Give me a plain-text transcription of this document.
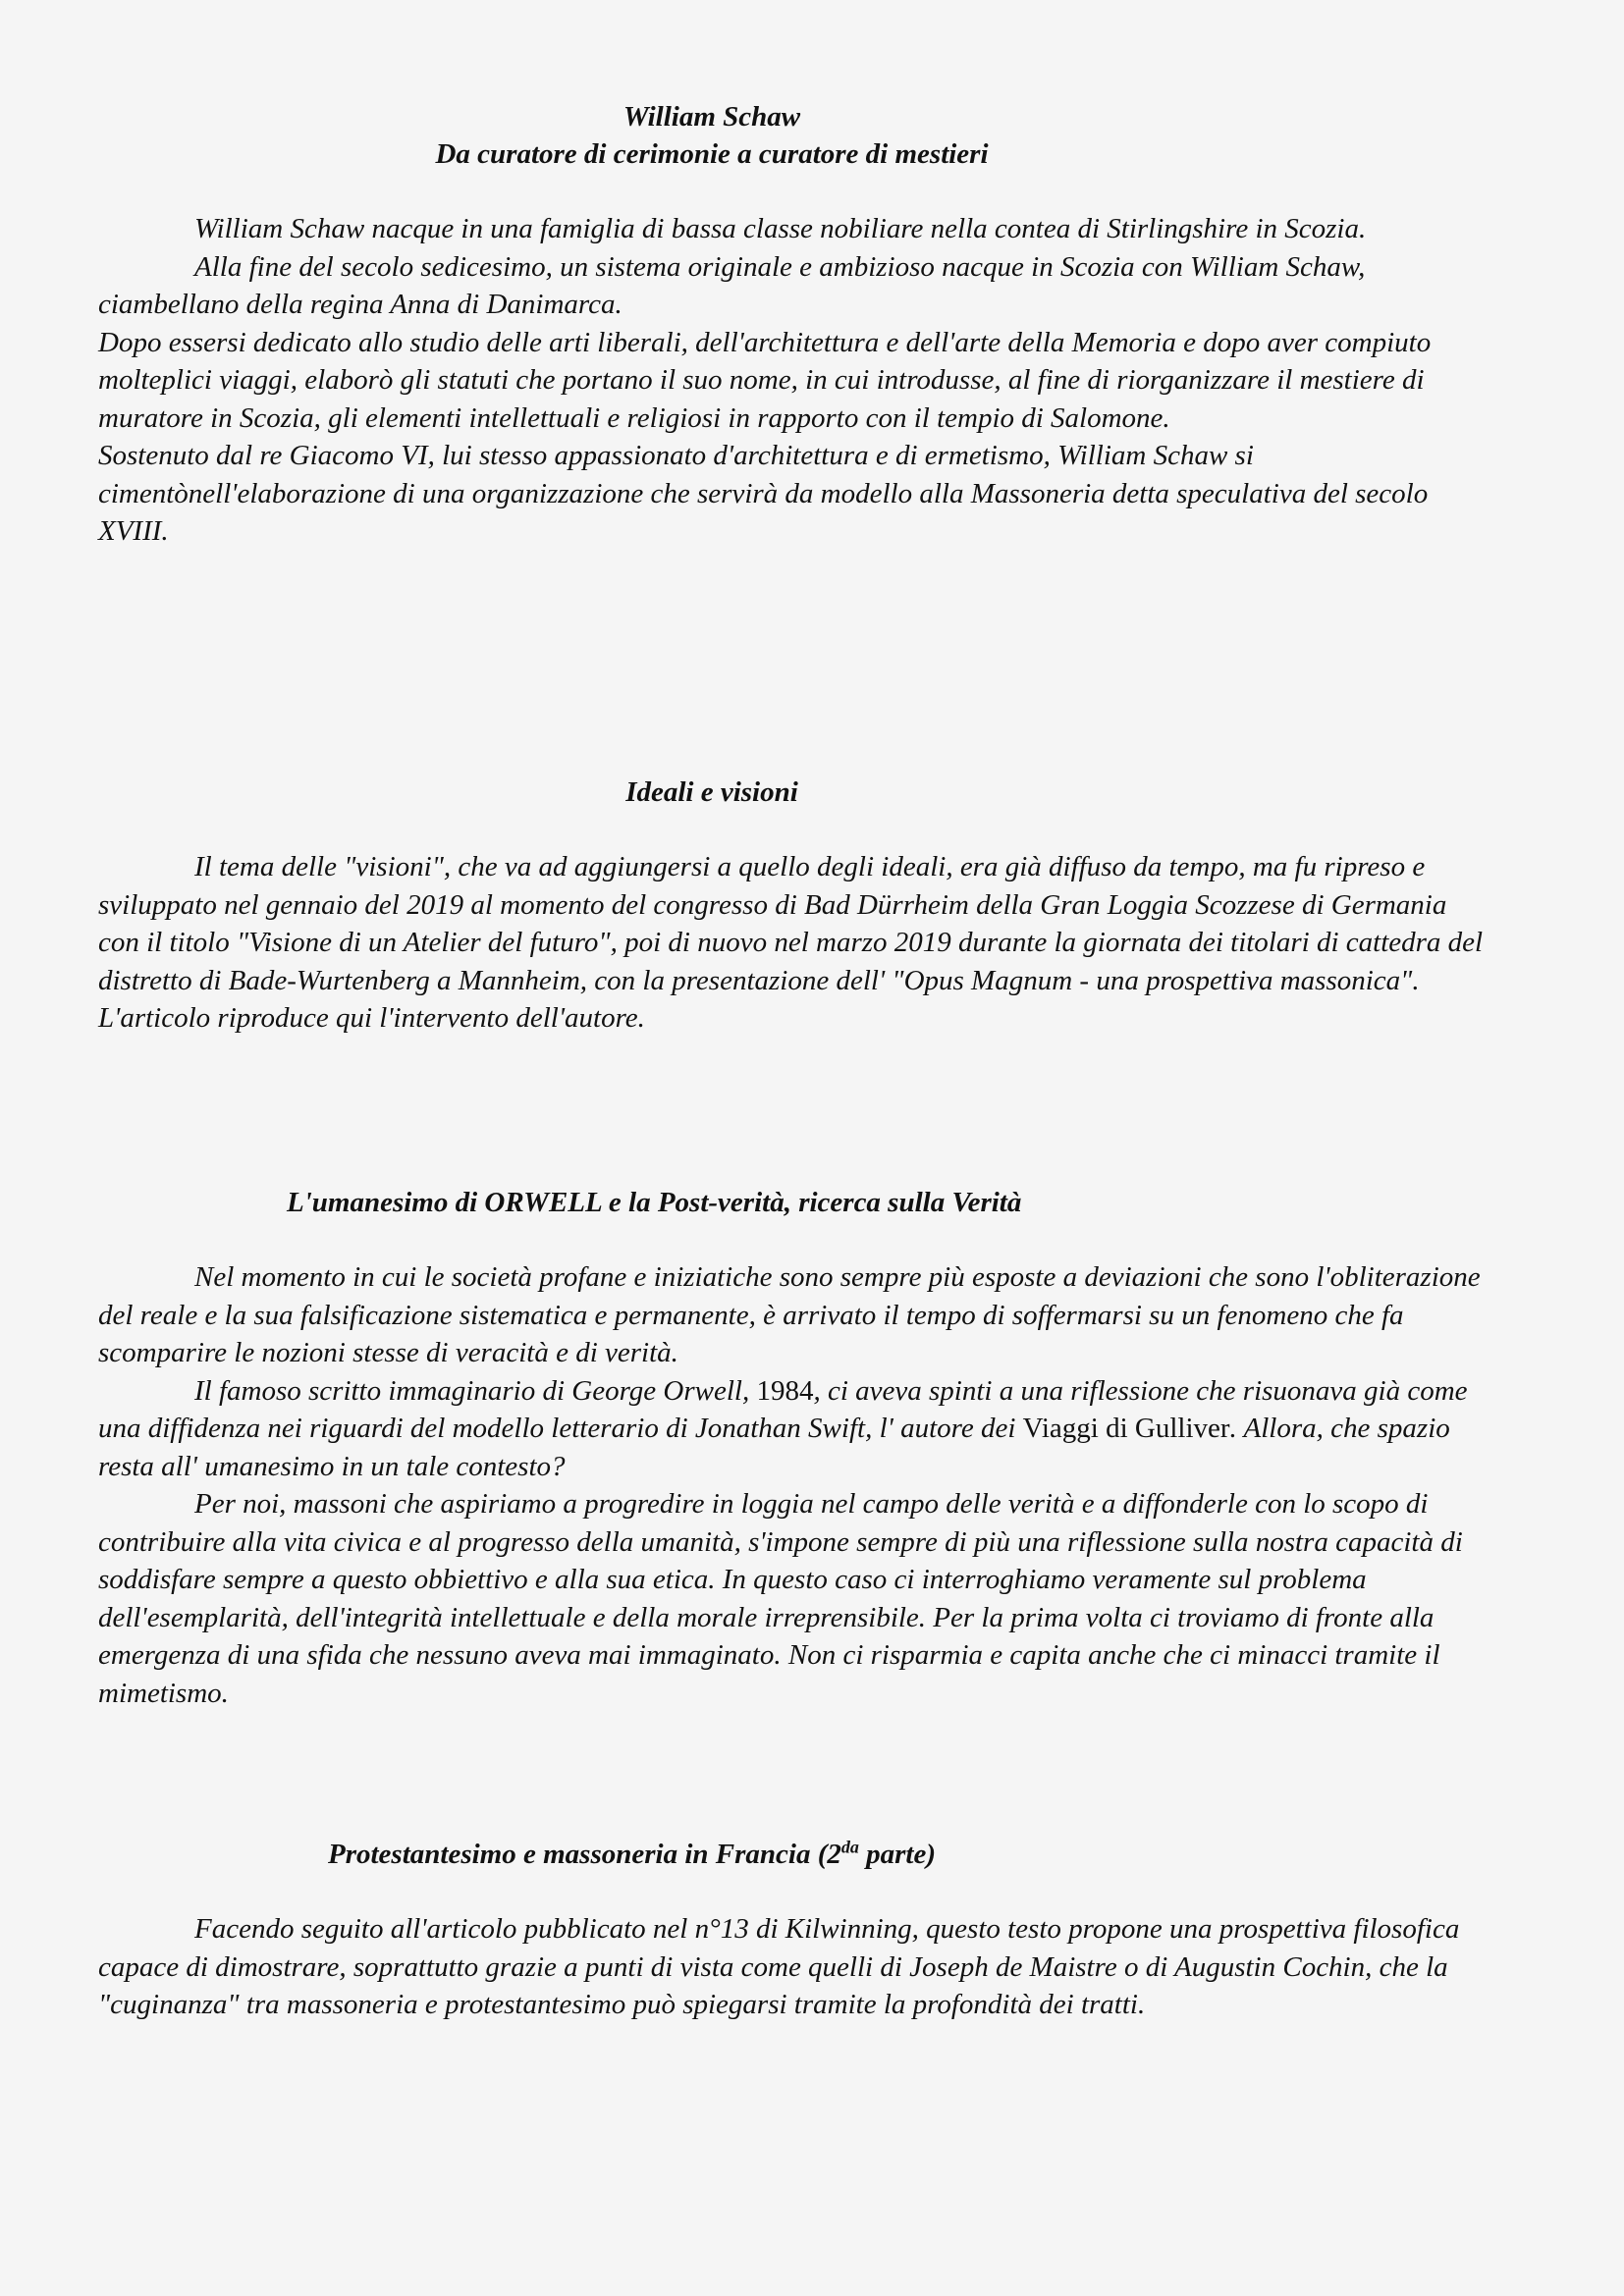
William Schaw
Da curatore di cerimonie a curatore di mestieri

William Schaw nacque in una famiglia di bassa classe nobiliare nella contea di Stirlingshire in Scozia.

Alla fine del secolo sedicesimo, un sistema originale e ambizioso nacque in Scozia con William Schaw, ciambellano della regina Anna di Danimarca.

Dopo essersi dedicato allo studio delle arti liberali, dell'architettura e dell'arte della Memoria e dopo aver compiuto molteplici viaggi, elaborò gli statuti che portano il suo nome, in cui introdusse, al fine di riorganizzare il mestiere di muratore in Scozia, gli elementi intellettuali e religiosi in rapporto con il tempio di Salomone.

Sostenuto dal re Giacomo VI, lui stesso appassionato d'architettura e di ermetismo, William Schaw si cimentònell'elaborazione di una organizzazione che servirà da modello alla Massoneria detta speculativa del secolo XVIII.

Ideali e visioni

Il tema delle "visioni", che va ad aggiungersi a quello degli ideali, era già diffuso da tempo, ma fu ripreso e sviluppato nel gennaio del 2019 al momento del congresso di Bad Dürrheim della Gran Loggia Scozzese di Germania con il titolo "Visione di un Atelier del futuro", poi di nuovo nel marzo 2019 durante la giornata dei titolari di cattedra del distretto di Bade-Wurtenberg a Mannheim, con la presentazione dell' "Opus Magnum - una prospettiva massonica". L'articolo riproduce qui l'intervento dell'autore.

L'umanesimo di ORWELL e la Post-verità, ricerca sulla Verità

Nel momento in cui le società profane e iniziatiche sono sempre più esposte a deviazioni che sono l'obliterazione del reale e la sua falsificazione sistematica e permanente, è arrivato il tempo di soffermarsi su un fenomeno che fa scomparire le nozioni stesse di veracità e di verità.

Il famoso scritto immaginario di George Orwell, 1984, ci aveva spinti a una riflessione che risuonava già come una diffidenza nei riguardi del modello letterario di Jonathan Swift, l' autore dei Viaggi di Gulliver. Allora, che spazio resta all' umanesimo in un tale contesto?

Per noi, massoni che aspiriamo a progredire in loggia nel campo delle verità e a diffonderle con lo scopo di contribuire alla vita civica e al progresso della umanità, s'impone sempre di più una riflessione sulla nostra capacità di soddisfare sempre a questo obbiettivo e alla sua etica. In questo caso ci interroghiamo veramente sul problema dell'esemplarità, dell'integrità intellettuale e della morale irreprensibile. Per la prima volta ci troviamo di fronte alla emergenza di una sfida che nessuno aveva mai immaginato. Non ci risparmia e capita anche che ci minacci tramite il mimetismo.

Protestantesimo e massoneria in Francia ($2^{da}$ parte)

Facendo seguito all'articolo pubblicato nel n°13 di Kilwinning, questo testo propone una prospettiva filosofica capace di dimostrare, soprattutto grazie a punti di vista come quelli di Joseph de Maistre o di Augustin Cochin, che la "cuginanza" tra massoneria e protestantesimo può spiegarsi tramite la profondità dei tratti.
